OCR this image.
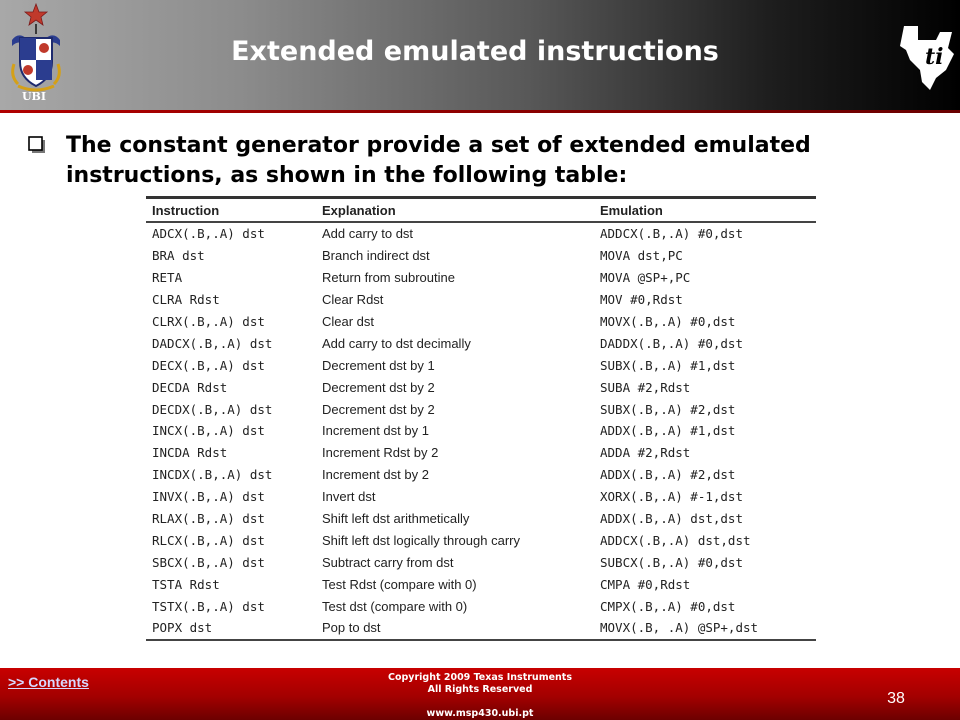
UBI
Extended emulated instructions	ti
The constant generator provide a set of extended emulated instructions, as shown in the following table:
Instruction	Explanation	Emulation
ADCX(.B,.A) dst	Add carry to dst	ADDCX(.B,.A) #0,dst
BRA dst	Branch indirect dst	MOVA dst,PC
RETA	Return from subroutine	MOVA @SP+,PC
CLRA Rdst	Clear Rdst	MOV #0,Rdst
CLRX(.B,.A) dst	Clear dst	MOVX(.B,.A) #0,dst
DADCX(.B,.A) dst	Add carry to dst decimally	DADDX(.B,.A) #0,dst
DECX(.B,.A) dst	Decrement dst by 1	SUBX(.B,.A) #1,dst
DECDA Rdst	Decrement dst by 2	SUBA #2,Rdst
DECDX(.B,.A) dst	Decrement dst by 2	SUBX(.B,.A) #2,dst
INCX(.B,.A) dst	Increment dst by 1	ADDX(.B,.A) #1,dst
INCDA Rdst	Increment Rdst by 2	ADDA #2,Rdst
INCDX(.B,.A) dst	Increment dst by 2	ADDX(.B,.A) #2,dst
INVX(.B,.A) dst	Invert dst	XORX(.B,.A) #-1,dst
RLAX(.B,.A) dst	Shift left dst arithmetically	ADDX(.B,.A) dst,dst
RLCX(.B,.A) dst	Shift left dst logically through carry	ADDCX(.B,.A) dst,dst
SBCX(.B,.A) dst	Subtract carry from dst	SUBCX(.B,.A) #0,dst
TSTA Rdst	Test Rdst (compare with 0)	CMPA #0,Rdst
TSTX(.B,.A) dst	Test dst (compare with 0)	CMPX(.B,.A) #0,dst
POPX dst	Pop to dst	MOVX(.B, .A) @SP+,dst
>> Contents	Copyright 2009 Texas Instruments
All Rights Reserved
www.msp430.ubi.pt
38
